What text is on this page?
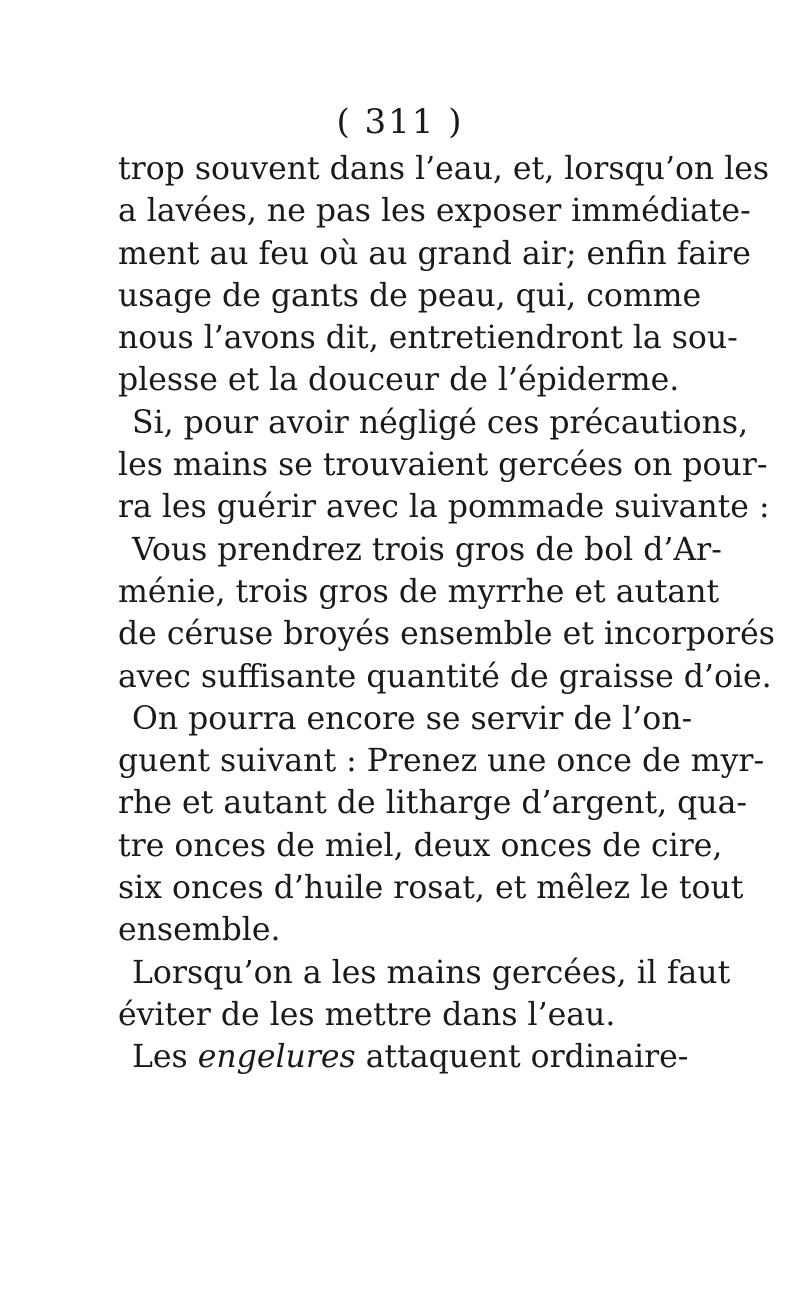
( 311 )
trop souvent dans l’eau, et, lorsqu’on les
a lavées, ne pas les exposer immédiate-
ment au feu où au grand air; enfin faire
usage de gants de peau, qui, comme
nous l’avons dit, entretiendront la sou-
plesse et la douceur de l’épiderme.
Si, pour avoir négligé ces précautions,
les mains se trouvaient gercées on pour-
ra les guérir avec la pommade suivante :
Vous prendrez trois gros de bol d’Ar-
ménie, trois gros de myrrhe et autant
de céruse broyés ensemble et incorporés
avec suffisante quantité de graisse d’oie.
On pourra encore se servir de l’on-
guent suivant : Prenez une once de myr-
rhe et autant de litharge d’argent, qua-
tre onces de miel, deux onces de cire,
six onces d’huile rosat, et mêlez le tout
ensemble.
Lorsqu’on a les mains gercées, il faut
éviter de les mettre dans l’eau.
Les engelures attaquent ordinaire-
